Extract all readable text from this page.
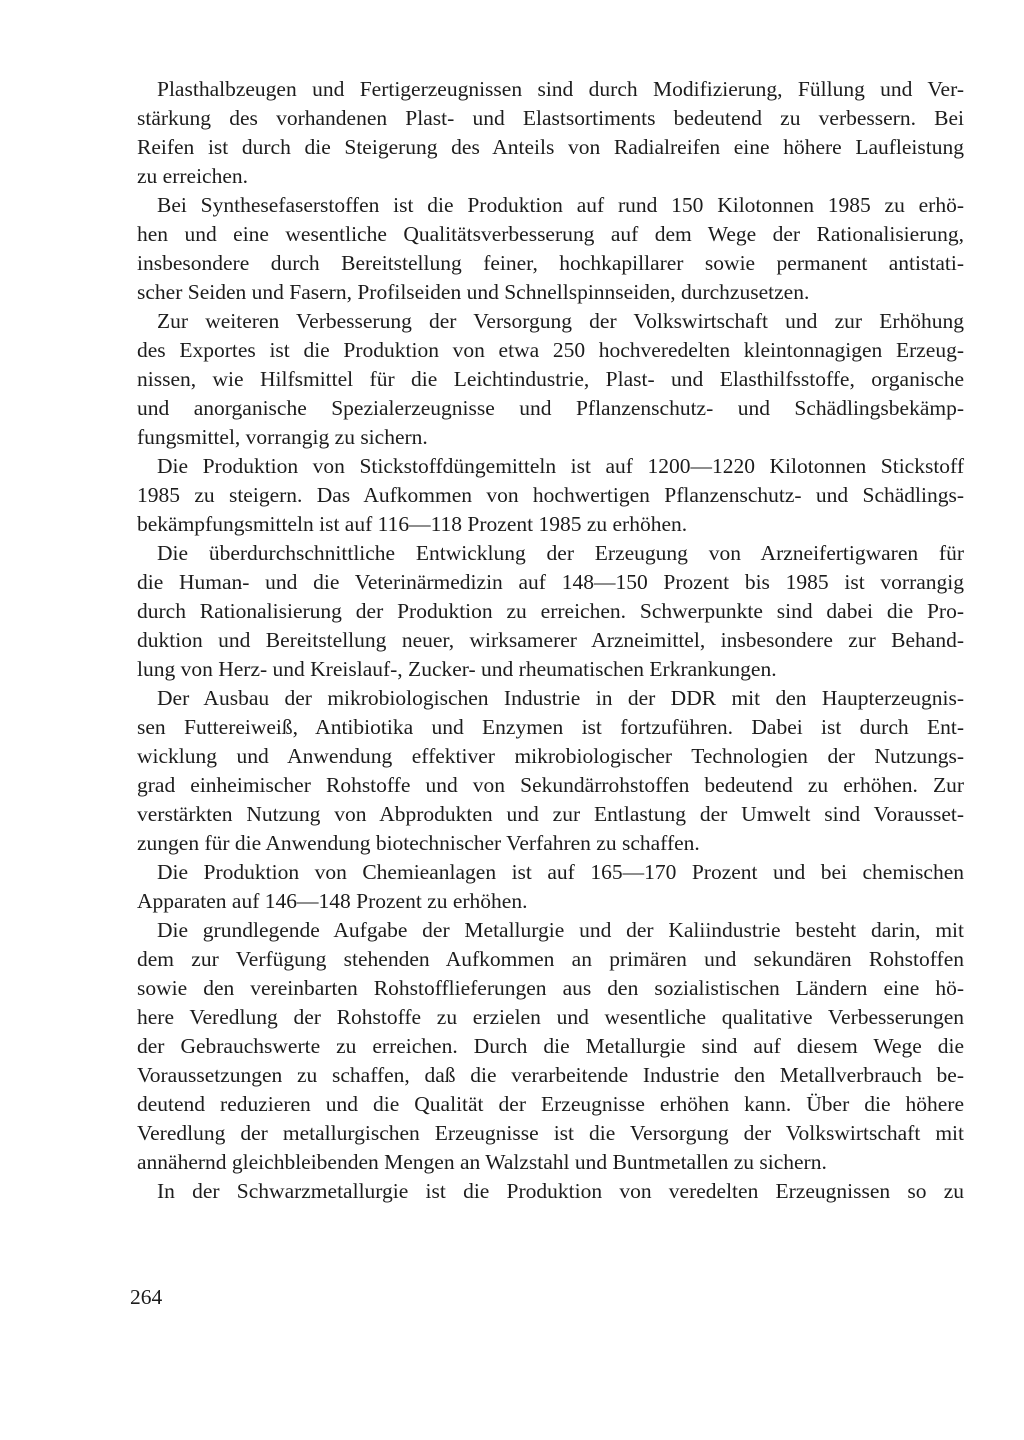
Plasthalbzeugen und Fertigerzeugnissen sind durch Modifizierung, Füllung und Ver-
stärkung des vorhandenen Plast- und Elastsortiments bedeutend zu verbessern. Bei
Reifen ist durch die Steigerung des Anteils von Radialreifen eine höhere Laufleistung
zu erreichen.
Bei Synthesefaserstoffen ist die Produktion auf rund 150 Kilotonnen 1985 zu erhö-
hen und eine wesentliche Qualitätsverbesserung auf dem Wege der Rationalisierung,
insbesondere durch Bereitstellung feiner, hochkapillarer sowie permanent antistati-
scher Seiden und Fasern, Profilseiden und Schnellspinnseiden, durchzusetzen.
Zur weiteren Verbesserung der Versorgung der Volkswirtschaft und zur Erhöhung
des Exportes ist die Produktion von etwa 250 hochveredelten kleintonnagigen Erzeug-
nissen, wie Hilfsmittel für die Leichtindustrie, Plast- und Elasthilfsstoffe, organische
und anorganische Spezialerzeugnisse und Pflanzenschutz- und Schädlingsbekämp-
fungsmittel, vorrangig zu sichern.
Die Produktion von Stickstoffdüngemitteln ist auf 1200—1220 Kilotonnen Stickstoff
1985 zu steigern. Das Aufkommen von hochwertigen Pflanzenschutz- und Schädlings-
bekämpfungsmitteln ist auf 116—118 Prozent 1985 zu erhöhen.
Die überdurchschnittliche Entwicklung der Erzeugung von Arzneifertigwaren für
die Human- und die Veterinärmedizin auf 148—150 Prozent bis 1985 ist vorrangig
durch Rationalisierung der Produktion zu erreichen. Schwerpunkte sind dabei die Pro-
duktion und Bereitstellung neuer, wirksamerer Arzneimittel, insbesondere zur Behand-
lung von Herz- und Kreislauf-, Zucker- und rheumatischen Erkrankungen.
Der Ausbau der mikrobiologischen Industrie in der DDR mit den Haupterzeugnis-
sen Futtereiweiß, Antibiotika und Enzymen ist fortzuführen. Dabei ist durch Ent-
wicklung und Anwendung effektiver mikrobiologischer Technologien der Nutzungs-
grad einheimischer Rohstoffe und von Sekundärrohstoffen bedeutend zu erhöhen. Zur
verstärkten Nutzung von Abprodukten und zur Entlastung der Umwelt sind Vorausset-
zungen für die Anwendung biotechnischer Verfahren zu schaffen.
Die Produktion von Chemieanlagen ist auf 165—170 Prozent und bei chemischen
Apparaten auf 146—148 Prozent zu erhöhen.
Die grundlegende Aufgabe der Metallurgie und der Kaliindustrie besteht darin, mit
dem zur Verfügung stehenden Aufkommen an primären und sekundären Rohstoffen
sowie den vereinbarten Rohstofflieferungen aus den sozialistischen Ländern eine hö-
here Veredlung der Rohstoffe zu erzielen und wesentliche qualitative Verbesserungen
der Gebrauchswerte zu erreichen. Durch die Metallurgie sind auf diesem Wege die
Voraussetzungen zu schaffen, daß die verarbeitende Industrie den Metallverbrauch be-
deutend reduzieren und die Qualität der Erzeugnisse erhöhen kann. Über die höhere
Veredlung der metallurgischen Erzeugnisse ist die Versorgung der Volkswirtschaft mit
annähernd gleichbleibenden Mengen an Walzstahl und Buntmetallen zu sichern.
In der Schwarzmetallurgie ist die Produktion von veredelten Erzeugnissen so zu
264
